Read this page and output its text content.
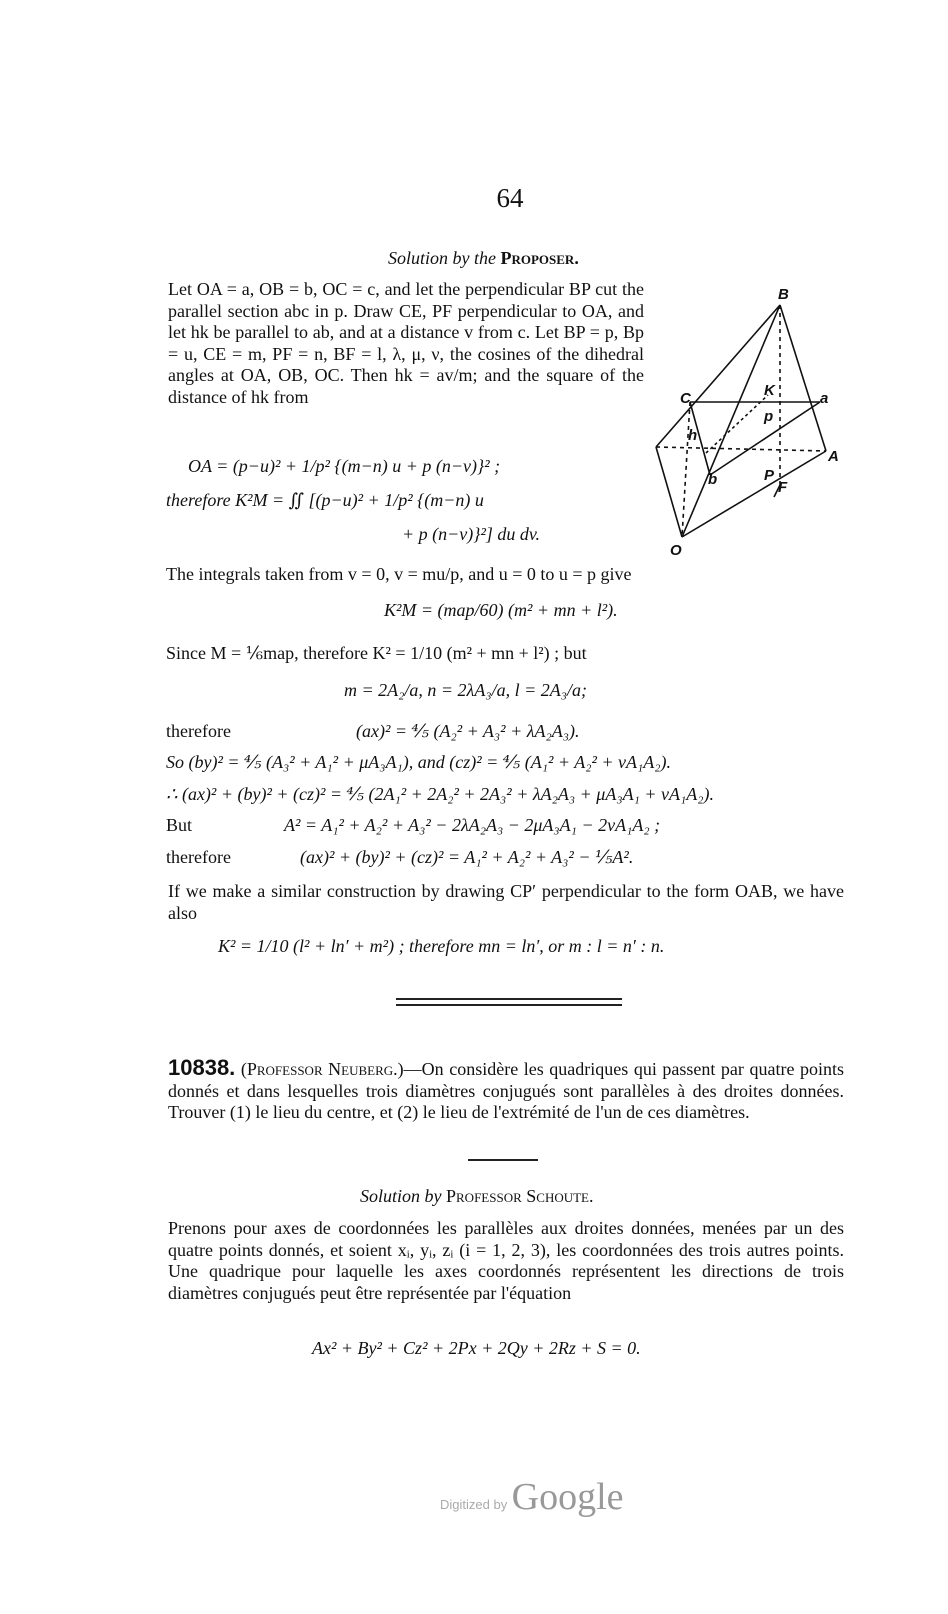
64
Solution by the Proposer.
Let OA = a, OB = b, OC = c, and let the perpendicular BP cut the parallel section abc in p. Draw CE, PF perpendicular to OA, and let hk be parallel to ab, and at a distance v from c. Let BP = p, Bp = u, CE = m, PF = n, BF = l, λ, μ, ν, the cosines of the dihedral angles at OA, OB, OC. Then hk = av/m; and the square of the distance of hk from
OA = (p−u)² + 1/p² {(m−n) u + p (n−v)}² ;
therefore K²M = ∬ [(p−u)² + 1/p² {(m−n) u
+ p (n−v)}²] du dv.
B
C	K	a
p
h
A
b	P
F
O
The integrals taken from v = 0, v = mu/p, and u = 0 to u = p give
K²M = (map/60) (m² + mn + l²).
Since M = ⅙map, therefore K² = 1/10 (m² + mn + l²) ; but
m = 2A₂/a, n = 2λA₃/a, l = 2A₃/a;
therefore	(ax)² = ⅘ (A₂² + A₃² + λA₂A₃).
So (by)² = ⅘ (A₃² + A₁² + μA₃A₁), and (cz)² = ⅘ (A₁² + A₂² + νA₁A₂).
∴ (ax)² + (by)² + (cz)² = ⅘ (2A₁² + 2A₂² + 2A₃² + λA₂A₃ + μA₃A₁ + νA₁A₂).
But	A² = A₁² + A₂² + A₃² − 2λA₂A₃ − 2μA₃A₁ − 2νA₁A₂ ;
therefore	(ax)² + (by)² + (cz)² = A₁² + A₂² + A₃² − ⅕A².
If we make a similar construction by drawing CP′ perpendicular to the form OAB, we have also
K² = 1/10 (l² + ln′ + m²) ; therefore mn = ln′, or m : l = n′ : n.
10838. (Professor Neuberg.)—On considère les quadriques qui passent par quatre points donnés et dans lesquelles trois diamètres conjugués sont parallèles à des droites données. Trouver (1) le lieu du centre, et (2) le lieu de l'extrémité de l'un de ces diamètres.
Solution by Professor Schoute.
Prenons pour axes de coordonnées les parallèles aux droites données, menées par un des quatre points donnés, et soient xᵢ, yᵢ, zᵢ (i = 1, 2, 3), les coordonnées des trois autres points. Une quadrique pour laquelle les axes coordonnés représentent les directions de trois diamètres conjugués peut être représentée par l'équation
Ax² + By² + Cz² + 2Px + 2Qy + 2Rz + S = 0.
Digitized by Google
